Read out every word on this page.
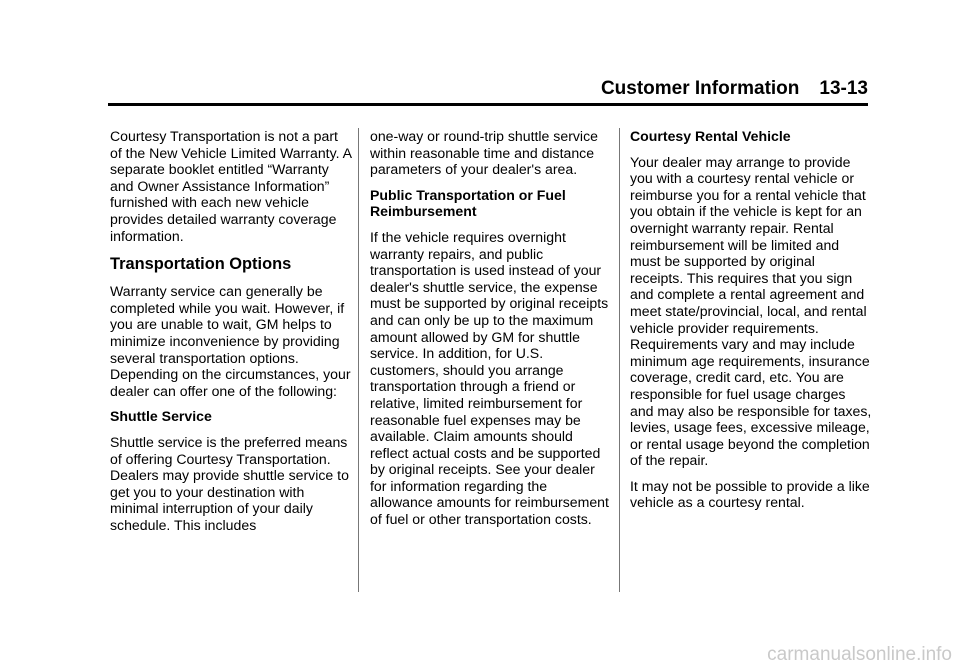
Customer Information 13-13

Courtesy Transportation is not a part of the New Vehicle Limited Warranty. A separate booklet entitled “Warranty and Owner Assistance Information” furnished with each new vehicle provides detailed warranty coverage information.

Transportation Options

Warranty service can generally be completed while you wait. However, if you are unable to wait, GM helps to minimize inconvenience by providing several transportation options. Depending on the circumstances, your dealer can offer one of the following:

Shuttle Service

Shuttle service is the preferred means of offering Courtesy Transportation. Dealers may provide shuttle service to get you to your destination with minimal interruption of your daily schedule. This includes

one-way or round-trip shuttle service within reasonable time and distance parameters of your dealer's area.

Public Transportation or Fuel Reimbursement

If the vehicle requires overnight warranty repairs, and public transportation is used instead of your dealer's shuttle service, the expense must be supported by original receipts and can only be up to the maximum amount allowed by GM for shuttle service. In addition, for U.S. customers, should you arrange transportation through a friend or relative, limited reimbursement for reasonable fuel expenses may be available. Claim amounts should reflect actual costs and be supported by original receipts. See your dealer for information regarding the allowance amounts for reimbursement of fuel or other transportation costs.

Courtesy Rental Vehicle

Your dealer may arrange to provide you with a courtesy rental vehicle or reimburse you for a rental vehicle that you obtain if the vehicle is kept for an overnight warranty repair. Rental reimbursement will be limited and must be supported by original receipts. This requires that you sign and complete a rental agreement and meet state/provincial, local, and rental vehicle provider requirements. Requirements vary and may include minimum age requirements, insurance coverage, credit card, etc. You are responsible for fuel usage charges and may also be responsible for taxes, levies, usage fees, excessive mileage, or rental usage beyond the completion of the repair.

It may not be possible to provide a like vehicle as a courtesy rental.

carmanualsonline.info
